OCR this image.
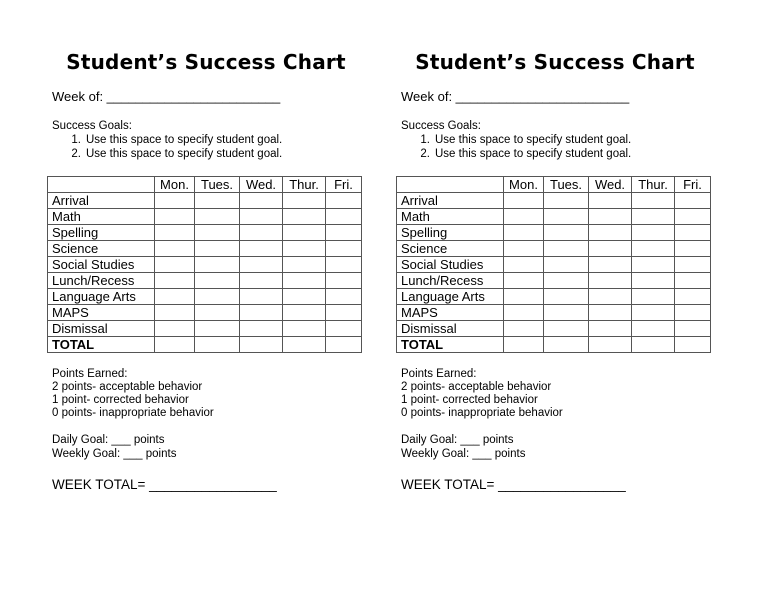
Student’s Success Chart
Week of: ________________________
Success Goals:
1. Use this space to specify student goal.
2. Use this space to specify student goal.
	Mon.	Tues.	Wed.	Thur.	Fri.
Arrival					
Math					
Spelling					
Science					
Social Studies					
Lunch/Recess					
Language Arts					
MAPS					
Dismissal					
TOTAL					
Points Earned:
2 points- acceptable behavior
1 point- corrected behavior
0 points- inappropriate behavior
Daily Goal: ___ points
Weekly Goal: ___ points
WEEK TOTAL= _________________
Student’s Success Chart
Week of: ________________________
Success Goals:
1. Use this space to specify student goal.
2. Use this space to specify student goal.
	Mon.	Tues.	Wed.	Thur.	Fri.
Arrival					
Math					
Spelling					
Science					
Social Studies					
Lunch/Recess					
Language Arts					
MAPS					
Dismissal					
TOTAL					
Points Earned:
2 points- acceptable behavior
1 point- corrected behavior
0 points- inappropriate behavior
Daily Goal: ___ points
Weekly Goal: ___ points
WEEK TOTAL= _________________
